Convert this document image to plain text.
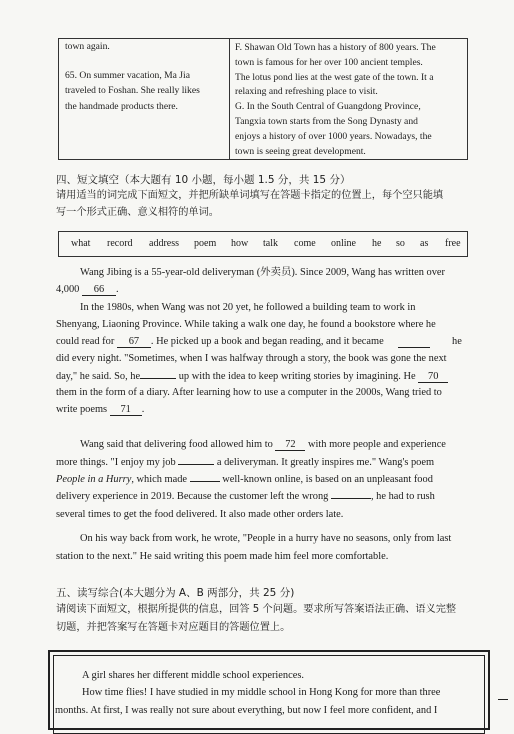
town again.
65. On summer vacation, Ma Jia
traveled to Foshan. She really likes
the handmade products there.
F. Shawan Old Town has a history of 800 years. The
town is famous for her over 100 ancient temples.
The lotus pond lies at the west gate of the town. It a
relaxing and refreshing place to visit.
G. In the South Central of Guangdong Province,
Tangxia town starts from the Song Dynasty and
enjoys a history of over 1000 years. Nowadays, the
town is seeing great development.
四、短文填空（本大题有 10 小题，每小题 1.5 分，共 15 分）
请用适当的词完成下面短文，并把所缺单词填写在答题卡指定的位置上，每个空只能填
写一个形式正确、意义相符的单词。
what record address poem how talk come online he so as free
Wang Jibing is a 55-year-old deliveryman (外卖员). Since 2009, Wang has written over
4,000 66 .
In the 1980s, when Wang was not 20 yet, he followed a building team to work in
Shenyang, Liaoning Province. While taking a walk one day, he found a bookstore where he
could read for 67 . He picked up a book and began reading, and it became	he
did every night. "Sometimes, when I was halfway through a story, the book was gone the next
day," he said. So, he	up with the idea to keep writing stories by imagining. He 70
them in the form of a diary. After learning how to use a computer in the 2000s, Wang tried to
write poems 71 .
Wang said that delivering food allowed him to 72 with more people and experience
more things. "I enjoy my job	a deliveryman. It greatly inspires me." Wang's poem
People in a Hurry, which made	well-known online, is based on an unpleasant food
delivery experience in 2019. Because the customer left the wrong	, he had to rush
several times to get the food delivered. It also made other orders late.
On his way back from work, he wrote, "People in a hurry have no seasons, only from last
station to the next." He said writing this poem made him feel more comfortable.
五、读写综合(本大题分为 A、B 两部分，共 25 分)
请阅读下面短文，根据所提供的信息，回答 5 个问题。要求所写答案语法正确、语义完整
切题，并把答案写在答题卡对应题目的答题位置上。
A girl shares her different middle school experiences.
How time flies! I have studied in my middle school in Hong Kong for more than three
months. At first, I was really not sure about everything, but now I feel more confident, and I
